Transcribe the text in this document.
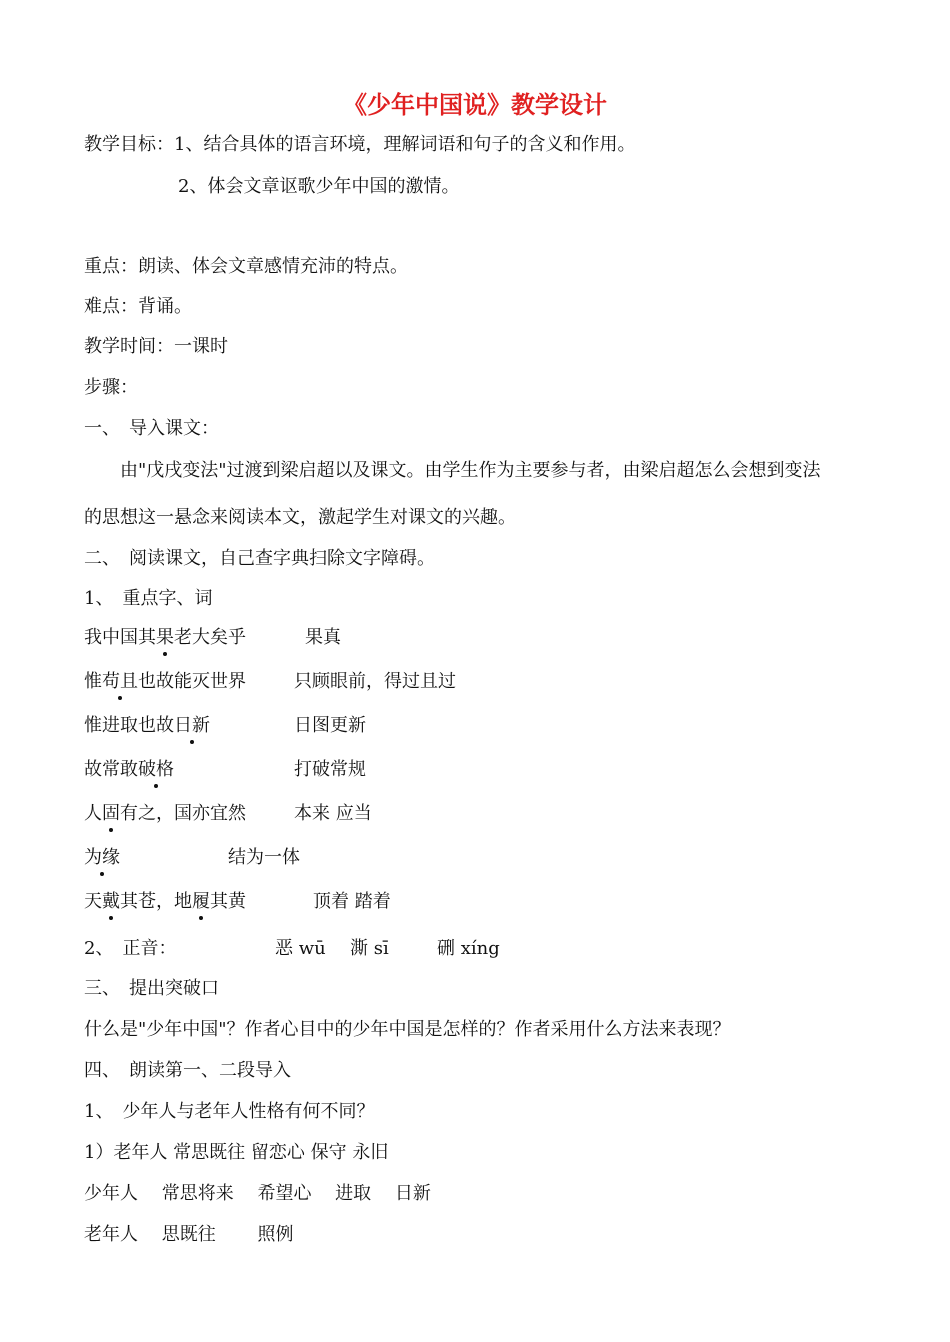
《少年中国说》教学设计

教学目标：1、结合具体的语言环境，理解词语和句子的含义和作用。

2、体会文章讴歌少年中国的激情。

重点：朗读、体会文章感情充沛的特点。

难点：背诵。

教学时间：一课时

步骤：

一、　导入课文：

由"戊戌变法"过渡到梁启超以及课文。由学生作为主要参与者，由梁启超怎么会想到变法

的思想这一悬念来阅读本文，激起学生对课文的兴趣。

二、　阅读课文，自己查字典扫除文字障碍。

1、　重点字、词

我中国其果老大矣乎	果真
惟苟且也故能灭世界	只顾眼前，得过且过
惟进取也故日新	日图更新
故常敢破格	打破常规
人固有之，国亦宜然	本来 应当
为缘	结为一体
天戴其苍，地履其黄	顶着 踏着
2、　正音：	恶 wū 澌 sī	硎 xíng

三、　提出突破口

什么是"少年中国"？作者心目中的少年中国是怎样的？作者采用什么方法来表现？

四、　朗读第一、二段导入

1、　少年人与老年人性格有何不同？

1）老年人 常思既往 留恋心 保守 永旧

少年人　 常思将来　 希望心　 进取　 日新

老年人　 思既往　　 照例
